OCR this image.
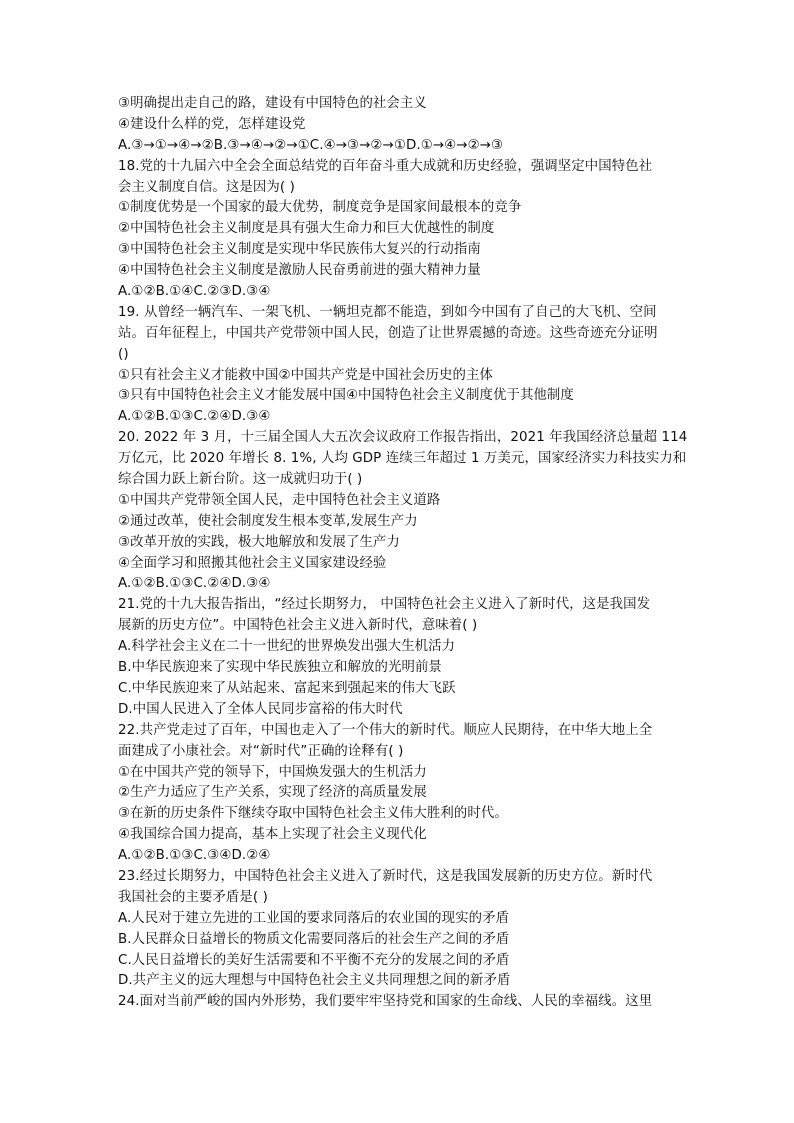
③明确提出走自己的路，建设有中国特色的社会主义
④建设什么样的党，怎样建设党
A.③→①→④→②B.③→④→②→①C.④→③→②→①D.①→④→②→③
18.党的十九届六中全会全面总结党的百年奋斗重大成就和历史经验，强调坚定中国特色社
会主义制度自信。这是因为( )
①制度优势是一个国家的最大优势，制度竞争是国家间最根本的竞争
②中国特色社会主义制度是具有强大生命力和巨大优越性的制度
③中国特色社会主义制度是实现中华民族伟大复兴的行动指南
④中国特色社会主义制度是激励人民奋勇前进的强大精神力量
A.①②B.①④C.②③D.③④
19. 从曾经一辆汽车、一架飞机、一辆坦克都不能造，到如今中国有了自己的大飞机、空间
站。百年征程上，中国共产党带领中国人民，创造了让世界震撼的奇迹。这些奇迹充分证明
()
①只有社会主义才能救中国②中国共产党是中国社会历史的主体
③只有中国特色社会主义才能发展中国④中国特色社会主义制度优于其他制度
A.①②B.①③C.②④D.③④
20. 2022 年 3 月，十三届全国人大五次会议政府工作报告指出，2021 年我国经济总量超 114
万亿元，比 2020 年增长 8. 1%, 人均 GDP 连续三年超过 1 万美元，国家经济实力科技实力和
综合国力跃上新台阶。这一成就归功于( )
①中国共产党带领全国人民，走中国特色社会主义道路
②通过改革，使社会制度发生根本变革,发展生产力
③改革开放的实践，极大地解放和发展了生产力
④全面学习和照搬其他社会主义国家建设经验
A.①②B.①③C.②④D.③④
21.党的十九大报告指出，“经过长期努力， 中国特色社会主义进入了新时代，这是我国发
展新的历史方位”。中国特色社会主义进入新时代，意味着( )
A.科学社会主义在二十一世纪的世界焕发出强大生机活力
B.中华民族迎来了实现中华民族独立和解放的光明前景
C.中华民族迎来了从站起来、富起来到强起来的伟大飞跃
D.中国人民进入了全体人民同步富裕的伟大时代
22.共产党走过了百年，中国也走入了一个伟大的新时代。顺应人民期待，在中华大地上全
面建成了小康社会。对“新时代”正确的诠释有( )
①在中国共产党的领导下，中国焕发强大的生机活力
②生产力适应了生产关系，实现了经济的高质量发展
③在新的历史条件下继续夺取中国特色社会主义伟大胜利的时代。
④我国综合国力提高，基本上实现了社会主义现代化
A.①②B.①③C.③④D.②④
23.经过长期努力，中国特色社会主义进入了新时代，这是我国发展新的历史方位。新时代
我国社会的主要矛盾是( )
A.人民对于建立先进的工业国的要求同落后的农业国的现实的矛盾
B.人民群众日益增长的物质文化需要同落后的社会生产之间的矛盾
C.人民日益增长的美好生活需要和不平衡不充分的发展之间的矛盾
D.共产主义的远大理想与中国特色社会主义共同理想之间的新矛盾
24.面对当前严峻的国内外形势，我们要牢牢坚持党和国家的生命线、人民的幸福线。这里
